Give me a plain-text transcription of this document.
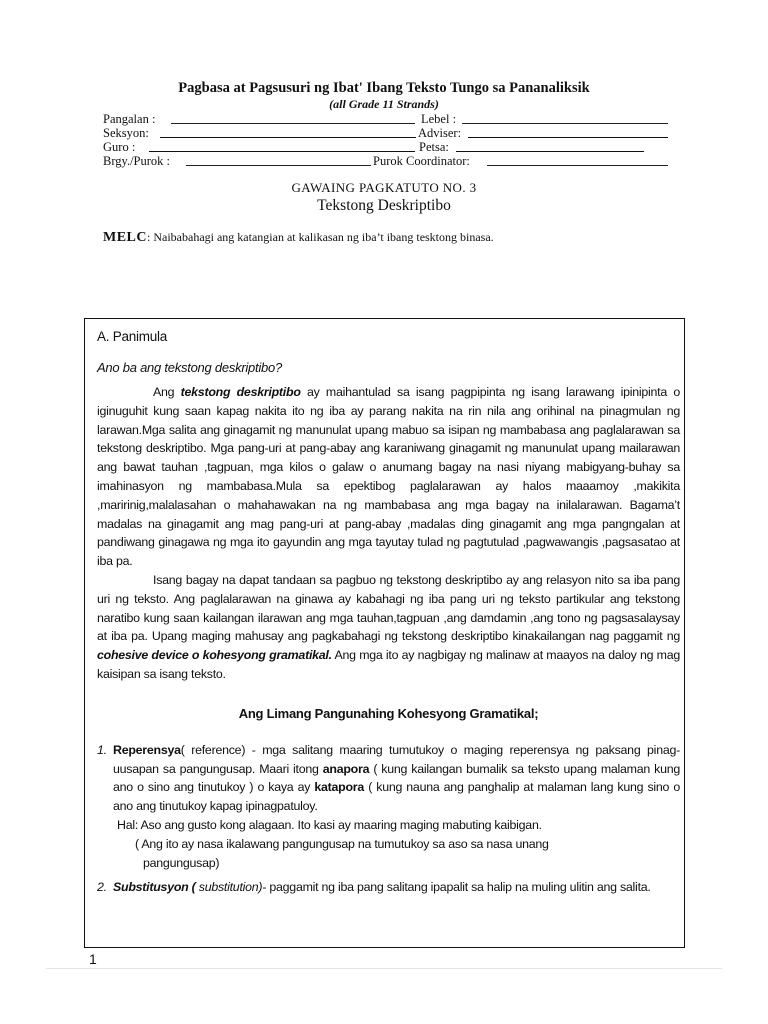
Pagbasa at Pagsusuri ng Ibat' Ibang Teksto Tungo sa Pananaliksik
(all Grade 11 Strands)
Pangalan :	Lebel :
Seksyon:	Adviser:
Guro :	Petsa:
Brgy./Purok :	Purok Coordinator:
GAWAING PAGKATUTO NO. 3
Tekstong Deskriptibo
MELC: Naibabahagi ang katangian at kalikasan ng iba’t ibang tesktong binasa.
A. Panimula
Ano ba ang tekstong deskriptibo?

Ang tekstong deskriptibo ay maihantulad sa isang pagpipinta ng isang larawang ipinipinta o iginuguhit kung saan kapag nakita ito ng iba ay parang nakita na rin nila ang orihinal na pinagmulan ng larawan.Mga salita ang ginagamit ng manunulat upang mabuo sa isipan ng mambabasa ang paglalarawan sa tekstong deskriptibo. Mga pang-uri at pang-abay ang karaniwang ginagamit ng manunulat upang mailarawan ang bawat tauhan ,tagpuan, mga kilos o galaw o anumang bagay na nasi niyang mabigyang-buhay sa imahinasyon ng mambabasa.Mula sa epektibog paglalarawan ay halos maaamoy ,makikita ,maririnig,malalasahan o mahahawakan na ng mambabasa ang mga bagay na inilalarawan. Bagama’t madalas na ginagamit ang mag pang-uri at pang-abay ,madalas ding ginagamit ang mga pangngalan at pandiwang ginagawa ng mga ito gayundin ang mga tayutay tulad ng pagtutulad ,pagwawangis ,pagsasatao at iba pa.

Isang bagay na dapat tandaan sa pagbuo ng tekstong deskriptibo ay ang relasyon nito sa iba pang uri ng teksto. Ang paglalarawan na ginawa ay kabahagi ng iba pang uri ng teksto partikular ang tekstong naratibo kung saan kailangan ilarawan ang mga tauhan,tagpuan ,ang damdamin ,ang tono ng pagsasalaysay at iba pa. Upang maging mahusay ang pagkabahagi ng tekstong deskriptibo kinakailangan nag paggamit ng cohesive device o kohesyong gramatikal. Ang mga ito ay nagbigay ng malinaw at maayos na daloy ng mag kaisipan sa isang teksto.

Ang Limang Pangunahing Kohesyong Gramatikal;
1. Reperensya( reference) - mga salitang maaring tumutukoy o maging reperensya ng paksang pinag-uusapan sa pangungusap. Maari itong anapora ( kung kailangan bumalik sa teksto upang malaman kung ano o sino ang tinutukoy ) o kaya ay katapora ( kung nauna ang panghalip at malaman lang kung sino o ano ang tinutukoy kapag ipinagpatuloy.
Hal: Aso ang gusto kong alagaan. Ito kasi ay maaring maging mabuting kaibigan.
( Ang ito ay nasa ikalawang pangungusap na tumutukoy sa aso sa nasa unang
pangungusap)
2. Substitusyon ( substitution)- paggamit ng iba pang salitang ipapalit sa halip na muling ulitin ang salita.
1
